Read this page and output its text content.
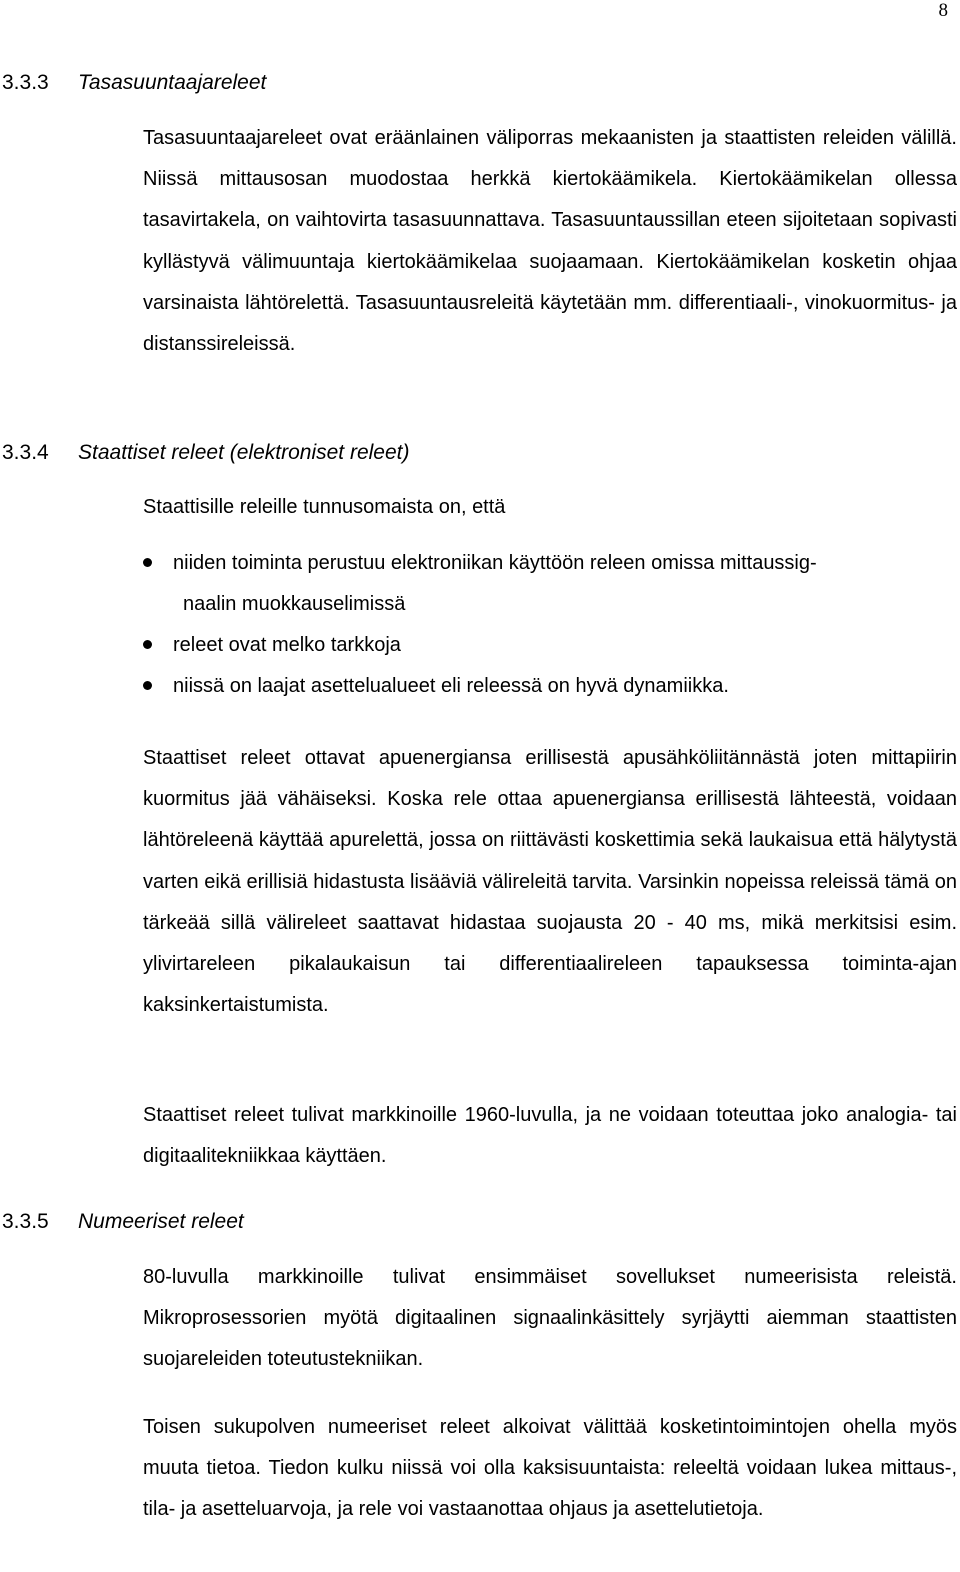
8
3.3.3 Tasasuuntaajareleet
Tasasuuntaajareleet ovat eräänlainen väliporras mekaanisten ja staattisten releiden välillä. Niissä mittausosan muodostaa herkkä kiertokäämikela. Kiertokäämikelan ollessa tasavirtakela, on vaihtovirta tasasuunnattava. Tasasuuntaussillan eteen sijoitetaan sopivasti kyllästyvä välimuuntaja kiertokäämikelaa suojaamaan. Kiertokäämikelan kosketin ohjaa varsinaista lähtörelettä. Tasasuuntausreleitä käytetään mm. differentiaali-, vinokuormitus- ja distanssireleissä.
3.3.4 Staattiset releet (elektroniset releet)
Staattisille releille tunnusomaista on, että
niiden toiminta perustuu elektroniikan käyttöön releen omissa mittaussig-
naalin muokkauselimissä
releet ovat melko tarkkoja
niissä on laajat asettelualueet eli releessä on hyvä dynamiikka.
Staattiset releet ottavat apuenergiansa erillisestä apusähköliitännästä joten mittapiirin kuormitus jää vähäiseksi. Koska rele ottaa apuenergiansa erillisestä lähteestä, voidaan lähtöreleenä käyttää apurelettä, jossa on riittävästi koskettimia sekä laukaisua että hälytystä varten eikä erillisiä hidastusta lisääviä välireleitä tarvita. Varsinkin nopeissa releissä tämä on tärkeää sillä välireleet saattavat hidastaa suojausta 20 - 40 ms, mikä merkitsisi esim. ylivirtareleen pikalaukaisun tai differentiaalireleen tapauksessa toiminta-ajan kaksinkertaistumista.
Staattiset releet tulivat markkinoille 1960-luvulla, ja ne voidaan toteuttaa joko analogia- tai digitaalitekniikkaa käyttäen.
3.3.5 Numeeriset releet
80-luvulla markkinoille tulivat ensimmäiset sovellukset numeerisista releistä. Mikroprosessorien myötä digitaalinen signaalinkäsittely syrjäytti aiemman staattisten suojareleiden toteutustekniikan.
Toisen sukupolven numeeriset releet alkoivat välittää kosketintoimintojen ohella myös muuta tietoa. Tiedon kulku niissä voi olla kaksisuuntaista: releeltä voidaan lukea mittaus-, tila- ja asetteluarvoja, ja rele voi vastaanottaa ohjaus ja asettelutietoja.
